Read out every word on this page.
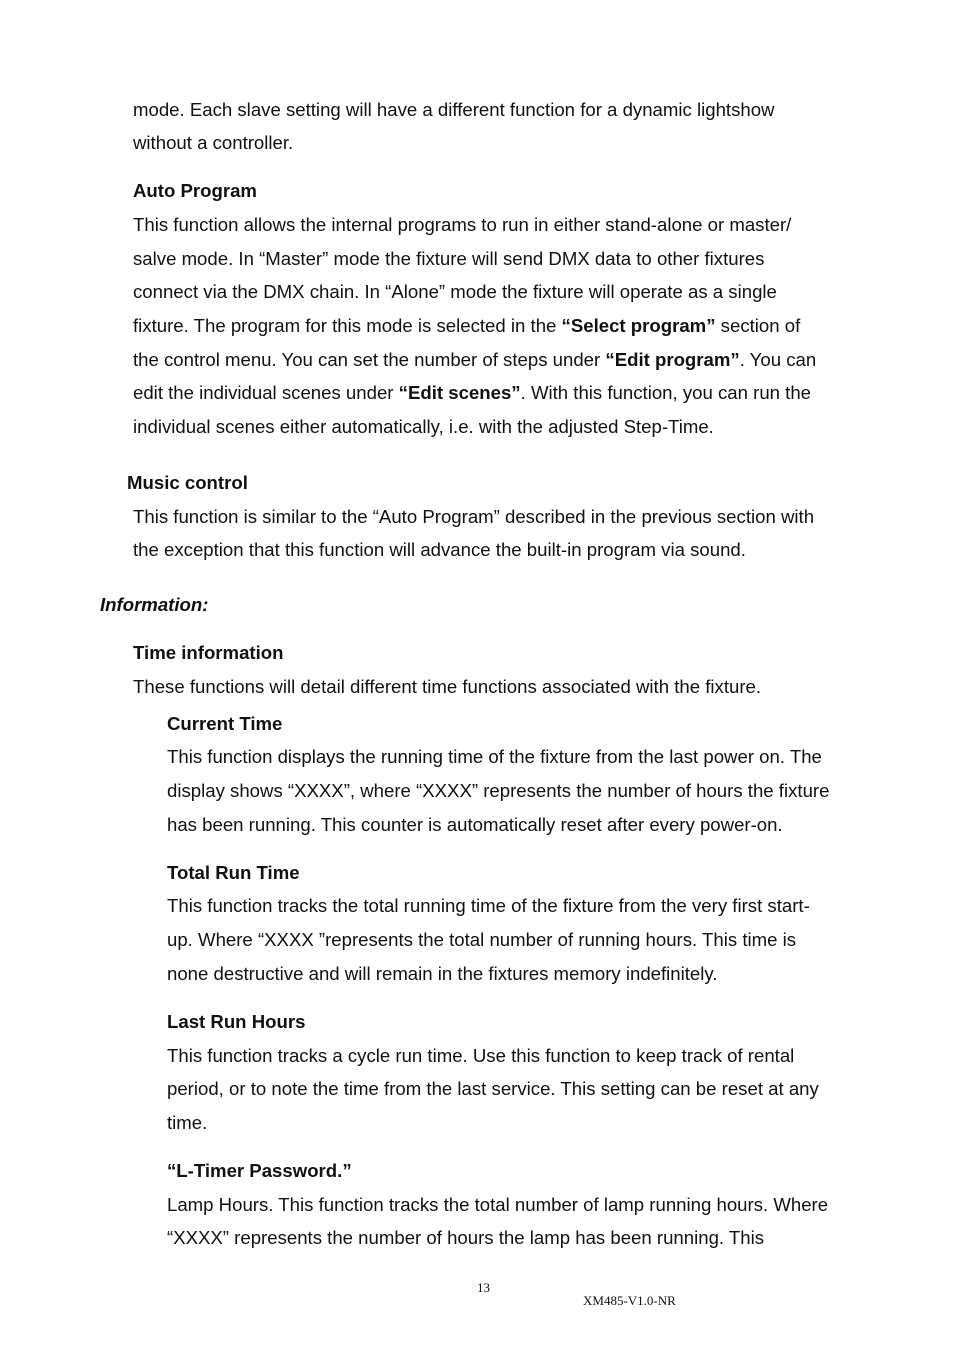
mode. Each slave setting will have a different function for a dynamic lightshow
without a controller.
Auto Program
This function allows the internal programs to run in either stand-alone or master/
salve mode. In “Master” mode the fixture will send DMX data to other fixtures
connect via the DMX chain. In “Alone” mode the fixture will operate as a single
fixture. The program for this mode is selected in the “Select program” section of
the control menu. You can set the number of steps under “Edit program”. You can
edit the individual scenes under “Edit scenes”. With this function, you can run the
individual scenes either automatically, i.e. with the adjusted Step-Time.
Music control
This function is similar to the “Auto Program” described in the previous section with
the exception that this function will advance the built-in program via sound.
Information:
Time information
These functions will detail different time functions associated with the fixture.
Current Time
This function displays the running time of the fixture from the last power on. The
display shows “XXXX”, where “XXXX” represents the number of hours the fixture
has been running. This counter is automatically reset after every power-on.
Total Run Time
This function tracks the total running time of the fixture from the very first start-
up. Where “XXXX ”represents the total number of running hours. This time is
none destructive and will remain in the fixtures memory indefinitely.
Last Run Hours
This function tracks a cycle run time. Use this function to keep track of rental
period, or to note the time from the last service. This setting can be reset at any
time.
“L-Timer Password.”
Lamp Hours. This function tracks the total number of lamp running hours. Where
“XXXX” represents the number of hours the lamp has been running. This
13
XM485-V1.0-NR
